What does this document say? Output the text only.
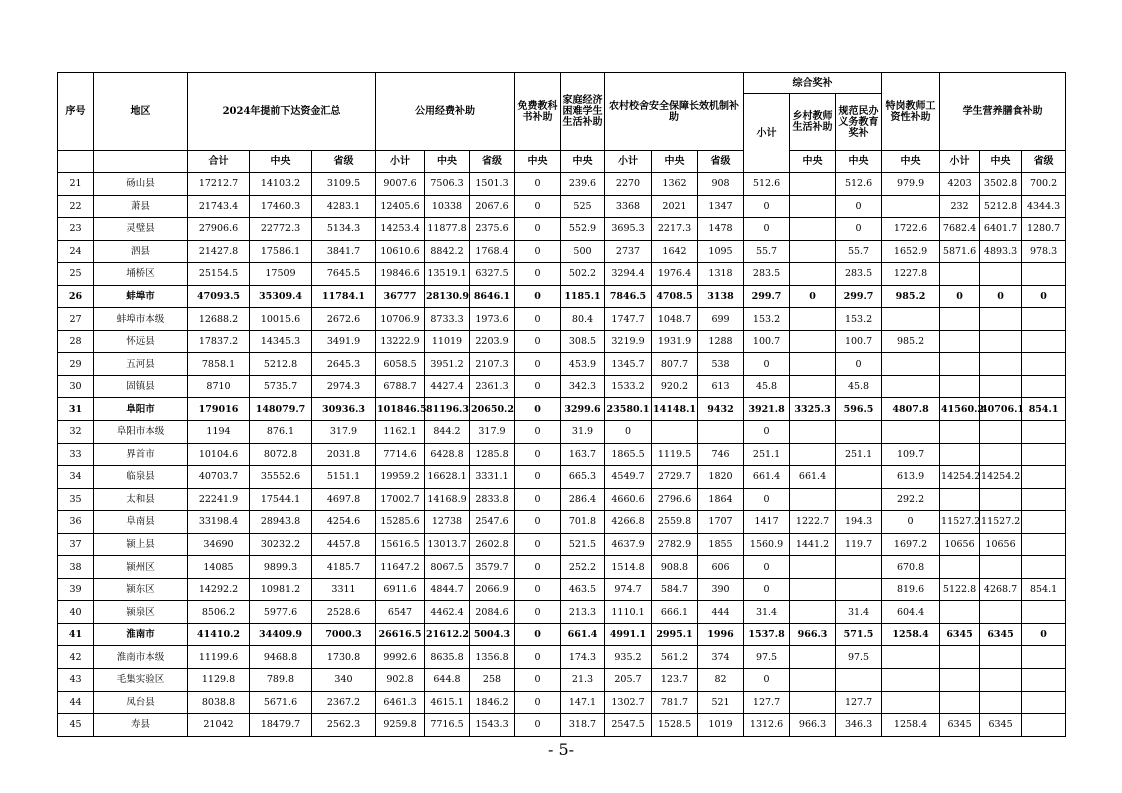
序号	地区	2024年提前下达资金汇总			公用经费补助			免费教科书补助	家庭经济困难学生生活补助	农村校舍安全保障长效机制补助			综合奖补			特岗教师工资性补助	学生营养膳食补助		
													小计	乡村教师生活补助	规范民办义务教育奖补				
		合计	中央	省级	小计	中央	省级	中央	中央	小计	中央	省级		中央	中央	中央	小计	中央	省级
21	砀山县	17212.7	14103.2	3109.5	9007.6	7506.3	1501.3	0	239.6	2270	1362	908	512.6		512.6	979.9	4203	3502.8	700.2
22	萧县	21743.4	17460.3	4283.1	12405.6	10338	2067.6	0	525	3368	2021	1347	0		0		232	5212.8	4344.3
23	灵璧县	27906.6	22772.3	5134.3	14253.4	11877.8	2375.6	0	552.9	3695.3	2217.3	1478	0		0	1722.6	7682.4	6401.7	1280.7
24	泗县	21427.8	17586.1	3841.7	10610.6	8842.2	1768.4	0	500	2737	1642	1095	55.7		55.7	1652.9	5871.6	4893.3	978.3
25	埇桥区	25154.5	17509	7645.5	19846.6	13519.1	6327.5	0	502.2	3294.4	1976.4	1318	283.5		283.5	1227.8			
26	蚌埠市	47093.5	35309.4	11784.1	36777	28130.9	8646.1	0	1185.1	7846.5	4708.5	3138	299.7	0	299.7	985.2	0	0	0
27	蚌埠市本级	12688.2	10015.6	2672.6	10706.9	8733.3	1973.6	0	80.4	1747.7	1048.7	699	153.2		153.2				
28	怀远县	17837.2	14345.3	3491.9	13222.9	11019	2203.9	0	308.5	3219.9	1931.9	1288	100.7		100.7	985.2			
29	五河县	7858.1	5212.8	2645.3	6058.5	3951.2	2107.3	0	453.9	1345.7	807.7	538	0		0				
30	固镇县	8710	5735.7	2974.3	6788.7	4427.4	2361.3	0	342.3	1533.2	920.2	613	45.8		45.8				
31	阜阳市	179016	148079.7	30936.3	101846.5	81196.3	20650.2	0	3299.6	23580.1	14148.1	9432	3921.8	3325.3	596.5	4807.8	41560.2	40706.1	854.1
32	阜阳市本级	1194	876.1	317.9	1162.1	844.2	317.9	0	31.9	0			0						
33	界首市	10104.6	8072.8	2031.8	7714.6	6428.8	1285.8	0	163.7	1865.5	1119.5	746	251.1		251.1	109.7			
34	临泉县	40703.7	35552.6	5151.1	19959.2	16628.1	3331.1	0	665.3	4549.7	2729.7	1820	661.4	661.4		613.9	14254.2	14254.2	
35	太和县	22241.9	17544.1	4697.8	17002.7	14168.9	2833.8	0	286.4	4660.6	2796.6	1864	0			292.2			
36	阜南县	33198.4	28943.8	4254.6	15285.6	12738	2547.6	0	701.8	4266.8	2559.8	1707	1417	1222.7	194.3	0	11527.2	11527.2	
37	颍上县	34690	30232.2	4457.8	15616.5	13013.7	2602.8	0	521.5	4637.9	2782.9	1855	1560.9	1441.2	119.7	1697.2	10656	10656	
38	颍州区	14085	9899.3	4185.7	11647.2	8067.5	3579.7	0	252.2	1514.8	908.8	606	0			670.8			
39	颍东区	14292.2	10981.2	3311	6911.6	4844.7	2066.9	0	463.5	974.7	584.7	390	0			819.6	5122.8	4268.7	854.1
40	颍泉区	8506.2	5977.6	2528.6	6547	4462.4	2084.6	0	213.3	1110.1	666.1	444	31.4		31.4	604.4			
41	淮南市	41410.2	34409.9	7000.3	26616.5	21612.2	5004.3	0	661.4	4991.1	2995.1	1996	1537.8	966.3	571.5	1258.4	6345	6345	0
42	淮南市本级	11199.6	9468.8	1730.8	9992.6	8635.8	1356.8	0	174.3	935.2	561.2	374	97.5		97.5				
43	毛集实验区	1129.8	789.8	340	902.8	644.8	258	0	21.3	205.7	123.7	82	0						
44	凤台县	8038.8	5671.6	2367.2	6461.3	4615.1	1846.2	0	147.1	1302.7	781.7	521	127.7		127.7				
45	寿县	21042	18479.7	2562.3	9259.8	7716.5	1543.3	0	318.7	2547.5	1528.5	1019	1312.6	966.3	346.3	1258.4	6345	6345	
- 5-
